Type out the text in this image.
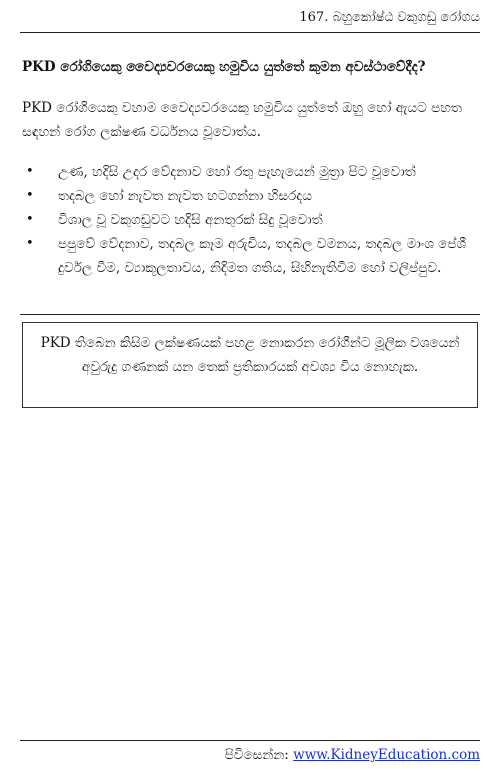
167. බහුකෝෂ්ඨ වකුගඩු රෝගය
PKD රෝගියෙකු වෛද්‍යවරයෙකු හමුවිය යුත්තේ කුමන අවස්ථාවේදීද?
PKD රෝගියෙකු වහාම වෛද්‍යවරයෙකු හමුවිය යුත්තේ ඔහු හෝ ඇයට පහත සඳහන් රෝග ලක්ෂණ වර්ධනය වූවොත්ය.
• උණ, හදිසි උදර වේදනාව හෝ රතු පැහැයෙන් මුත්‍රා පිට වූවොත්
• තදබල හෝ නැවත නැවත හටගන්නා හිසරදය
• විශාල වූ වකුගඩුවට හදිසි අනතුරක් සිදු වූවොත්
• පපුවේ වේදනාව, තදබල කෑම අරුචිය, තදබල වමනය, තදබල මාංශ පේශී දුර්වල වීම, ව්‍යාකූලතාවය, නිදිමත ගතිය, සිහිනැතිවීම හෝ වලිප්පුව.
PKD තිබෙන කිසිම ලක්ෂණයක් පහළ නොකරන රෝගීන්ට මූලික වශයෙන් අවුරුදු ගණනක් යන තෙක් ප්‍රතිකාරයක් අවශ්‍ය විය නොහැක.
පිවිසෙන්න: www.KidneyEducation.com
